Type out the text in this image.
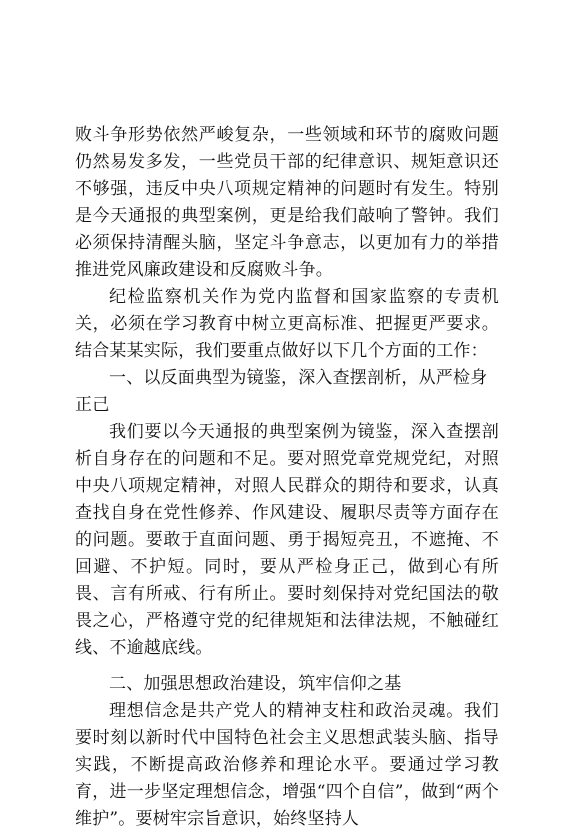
败斗争形势依然严峻复杂，一些领域和环节的腐败问题仍然易发多发，一些党员干部的纪律意识、规矩意识还不够强，违反中央八项规定精神的问题时有发生。特别是今天通报的典型案例，更是给我们敲响了警钟。我们必须保持清醒头脑，坚定斗争意志，以更加有力的举措推进党风廉政建设和反腐败斗争。

纪检监察机关作为党内监督和国家监察的专责机关，必须在学习教育中树立更高标准、把握更严要求。结合某某实际，我们要重点做好以下几个方面的工作：

一、以反面典型为镜鉴，深入查摆剖析，从严检身正己

我们要以今天通报的典型案例为镜鉴，深入查摆剖析自身存在的问题和不足。要对照党章党规党纪，对照中央八项规定精神，对照人民群众的期待和要求，认真查找自身在党性修养、作风建设、履职尽责等方面存在的问题。要敢于直面问题、勇于揭短亮丑，不遮掩、不回避、不护短。同时，要从严检身正己，做到心有所畏、言有所戒、行有所止。要时刻保持对党纪国法的敬畏之心，严格遵守党的纪律规矩和法律法规，不触碰红线、不逾越底线。

二、加强思想政治建设，筑牢信仰之基

理想信念是共产党人的精神支柱和政治灵魂。我们要时刻以新时代中国特色社会主义思想武装头脑、指导实践，不断提高政治修养和理论水平。要通过学习教育，进一步坚定理想信念，增强“四个自信”，做到“两个维护”。要树牢宗旨意识，始终坚持人
